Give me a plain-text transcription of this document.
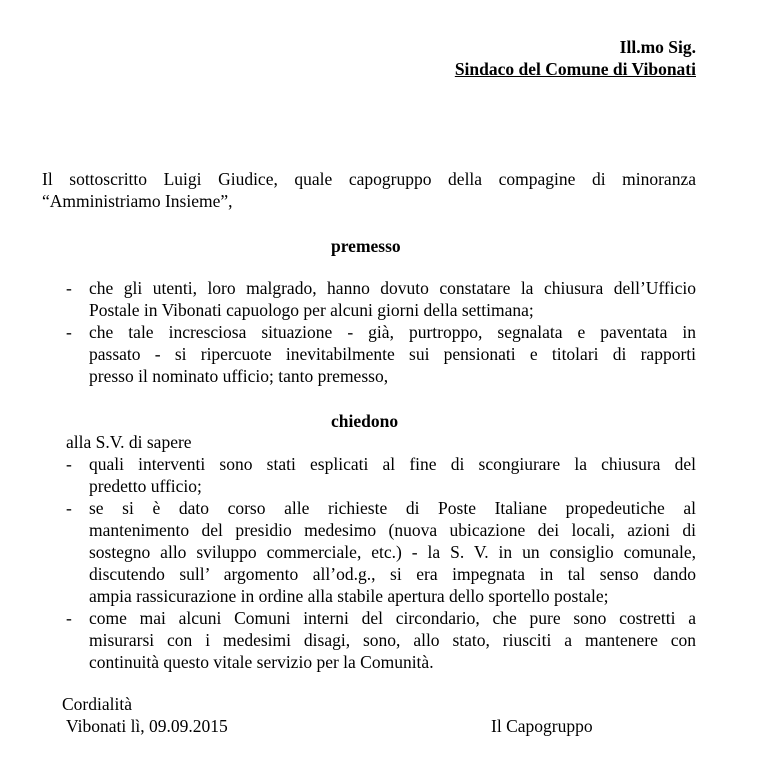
Ill.mo Sig.
Sindaco del Comune di Vibonati
Il sottoscritto Luigi Giudice, quale capogruppo della compagine di minoranza
“Amministriamo Insieme”,
premesso
- che gli utenti, loro malgrado, hanno dovuto constatare la chiusura dell’Ufficio
Postale in Vibonati capuologo per alcuni giorni della settimana;
- che tale incresciosa situazione - già, purtroppo, segnalata e paventata in
passato - si ripercuote inevitabilmente sui pensionati e titolari di rapporti
presso il nominato ufficio; tanto premesso,
chiedono
alla S.V. di sapere
- quali interventi sono stati esplicati al fine di scongiurare la chiusura del
predetto ufficio;
- se si è dato corso alle richieste di Poste Italiane propedeutiche al
mantenimento del presidio medesimo (nuova ubicazione dei locali, azioni di
sostegno allo sviluppo commerciale, etc.) - la S. V. in un consiglio comunale,
discutendo sull’ argomento all’od.g., si era impegnata in tal senso dando
ampia rassicurazione in ordine alla stabile apertura dello sportello postale;
- come mai alcuni Comuni interni del circondario, che pure sono costretti a
misurarsi con i medesimi disagi, sono, allo stato, riusciti a mantenere con
continuità questo vitale servizio per la Comunità.
Cordialità
Vibonati lì, 09.09.2015	Il Capogruppo
